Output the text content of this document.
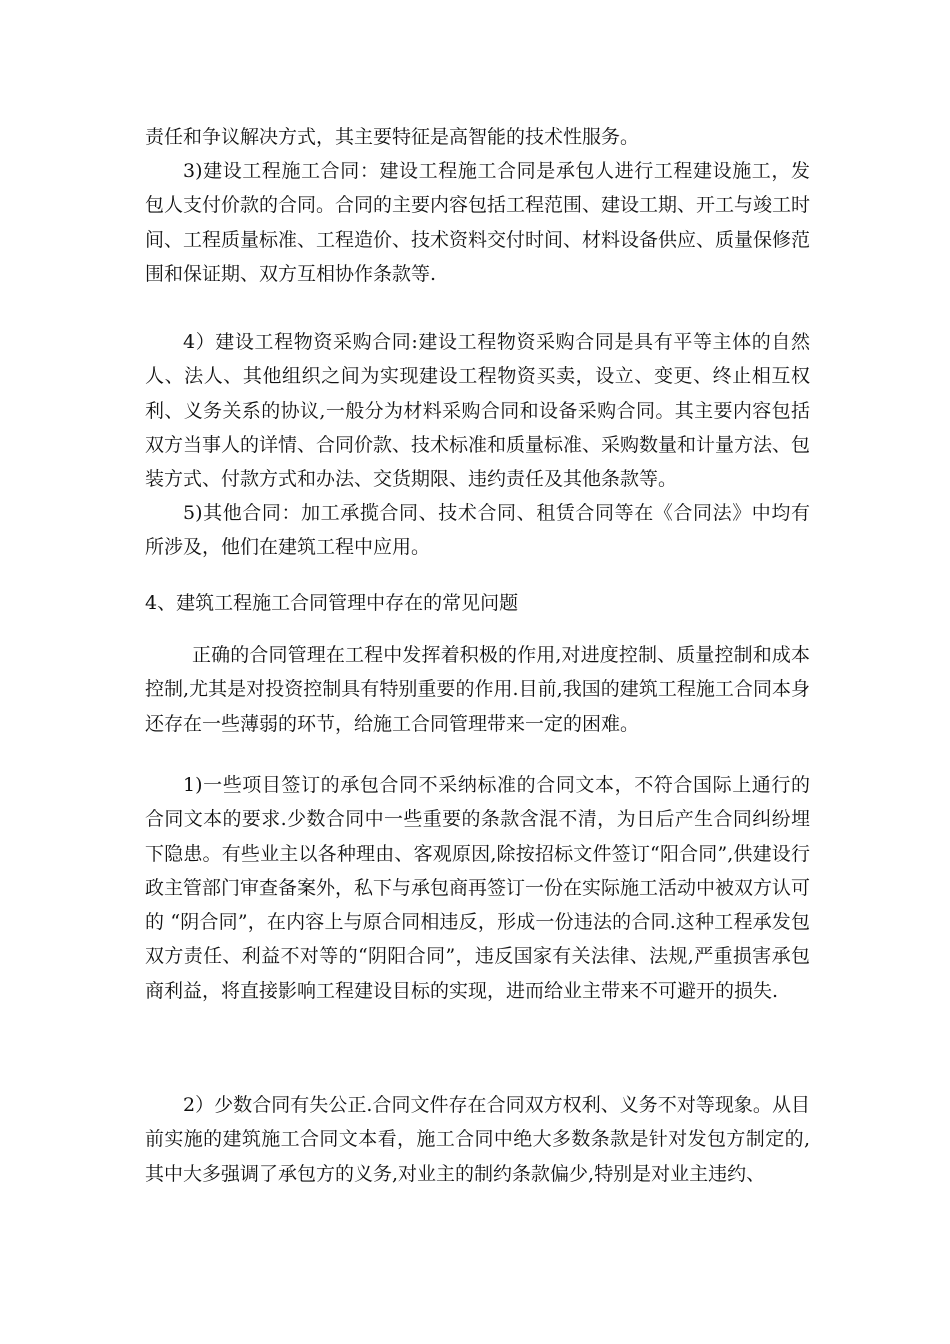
责任和争议解决方式，其主要特征是高智能的技术性服务。

3)建设工程施工合同：建设工程施工合同是承包人进行工程建设施工，发包人支付价款的合同。合同的主要内容包括工程范围、建设工期、开工与竣工时间、工程质量标准、工程造价、技术资料交付时间、材料设备供应、质量保修范围和保证期、双方互相协作条款等.

4）建设工程物资采购合同:建设工程物资采购合同是具有平等主体的自然人、法人、其他组织之间为实现建设工程物资买卖，设立、变更、终止相互权利、义务关系的协议,一般分为材料采购合同和设备采购合同。其主要内容包括双方当事人的详情、合同价款、技术标准和质量标准、采购数量和计量方法、包装方式、付款方式和办法、交货期限、违约责任及其他条款等。

5)其他合同：加工承揽合同、技术合同、租赁合同等在《合同法》中均有所涉及，他们在建筑工程中应用。

4、建筑工程施工合同管理中存在的常见问题

正确的合同管理在工程中发挥着积极的作用,对进度控制、质量控制和成本控制,尤其是对投资控制具有特别重要的作用.目前,我国的建筑工程施工合同本身还存在一些薄弱的环节，给施工合同管理带来一定的困难。

1)一些项目签订的承包合同不采纳标准的合同文本，不符合国际上通行的合同文本的要求.少数合同中一些重要的条款含混不清，为日后产生合同纠纷埋下隐患。有些业主以各种理由、客观原因,除按招标文件签订“阳合同”,供建设行政主管部门审查备案外，私下与承包商再签订一份在实际施工活动中被双方认可的 “阴合同”，在内容上与原合同相违反，形成一份违法的合同.这种工程承发包双方责任、利益不对等的“阴阳合同”，违反国家有关法律、法规,严重损害承包商利益，将直接影响工程建设目标的实现，进而给业主带来不可避开的损失.

2）少数合同有失公正.合同文件存在合同双方权利、义务不对等现象。从目前实施的建筑施工合同文本看，施工合同中绝大多数条款是针对发包方制定的,其中大多强调了承包方的义务,对业主的制约条款偏少,特别是对业主违约、
